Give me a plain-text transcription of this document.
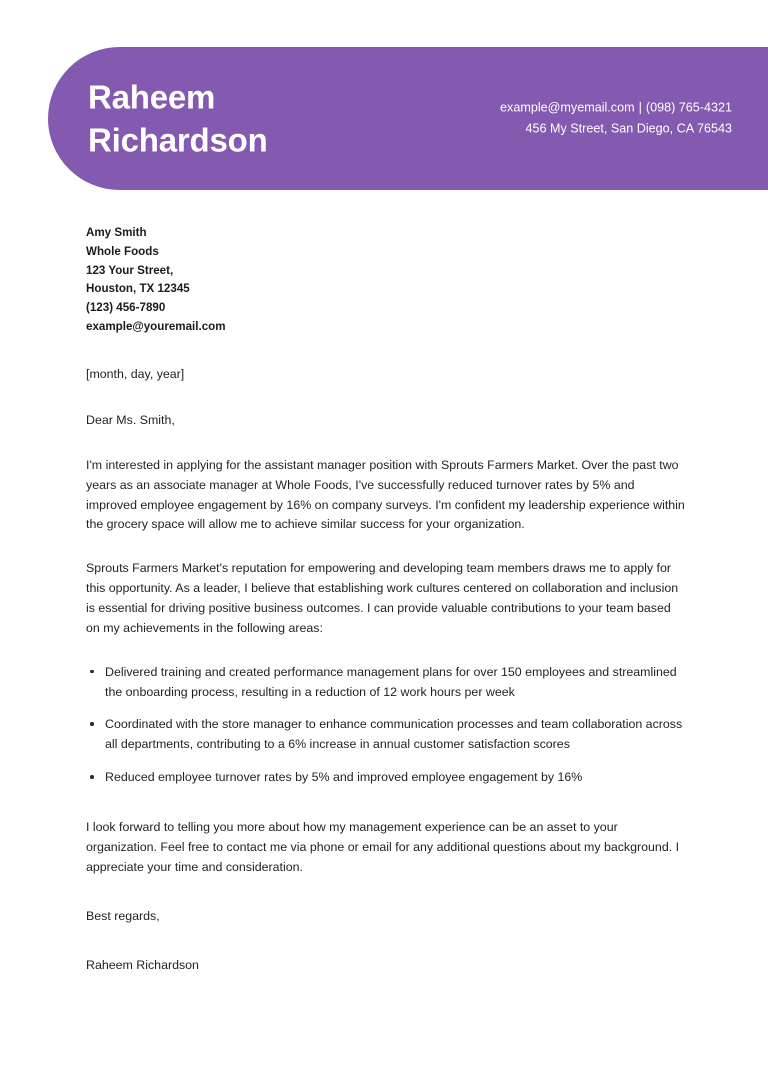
Raheem
Richardson
example@myemail.com | (098) 765-4321
456 My Street, San Diego, CA 76543
Amy Smith
Whole Foods
123 Your Street,
Houston, TX 12345
(123) 456-7890
example@youremail.com
[month, day, year]
Dear Ms. Smith,

I'm interested in applying for the assistant manager position with Sprouts Farmers Market. Over the past two years as an associate manager at Whole Foods, I've successfully reduced turnover rates by 5% and improved employee engagement by 16% on company surveys. I'm confident my leadership experience within the grocery space will allow me to achieve similar success for your organization.

Sprouts Farmers Market's reputation for empowering and developing team members draws me to apply for this opportunity. As a leader, I believe that establishing work cultures centered on collaboration and inclusion is essential for driving positive business outcomes. I can provide valuable contributions to your team based on my achievements in the following areas:

Delivered training and created performance management plans for over 150 employees and streamlined the onboarding process, resulting in a reduction of 12 work hours per week
Coordinated with the store manager to enhance communication processes and team collaboration across all departments, contributing to a 6% increase in annual customer satisfaction scores
Reduced employee turnover rates by 5% and improved employee engagement by 16%

I look forward to telling you more about how my management experience can be an asset to your organization. Feel free to contact me via phone or email for any additional questions about my background. I appreciate your time and consideration.

Best regards,
Raheem Richardson
